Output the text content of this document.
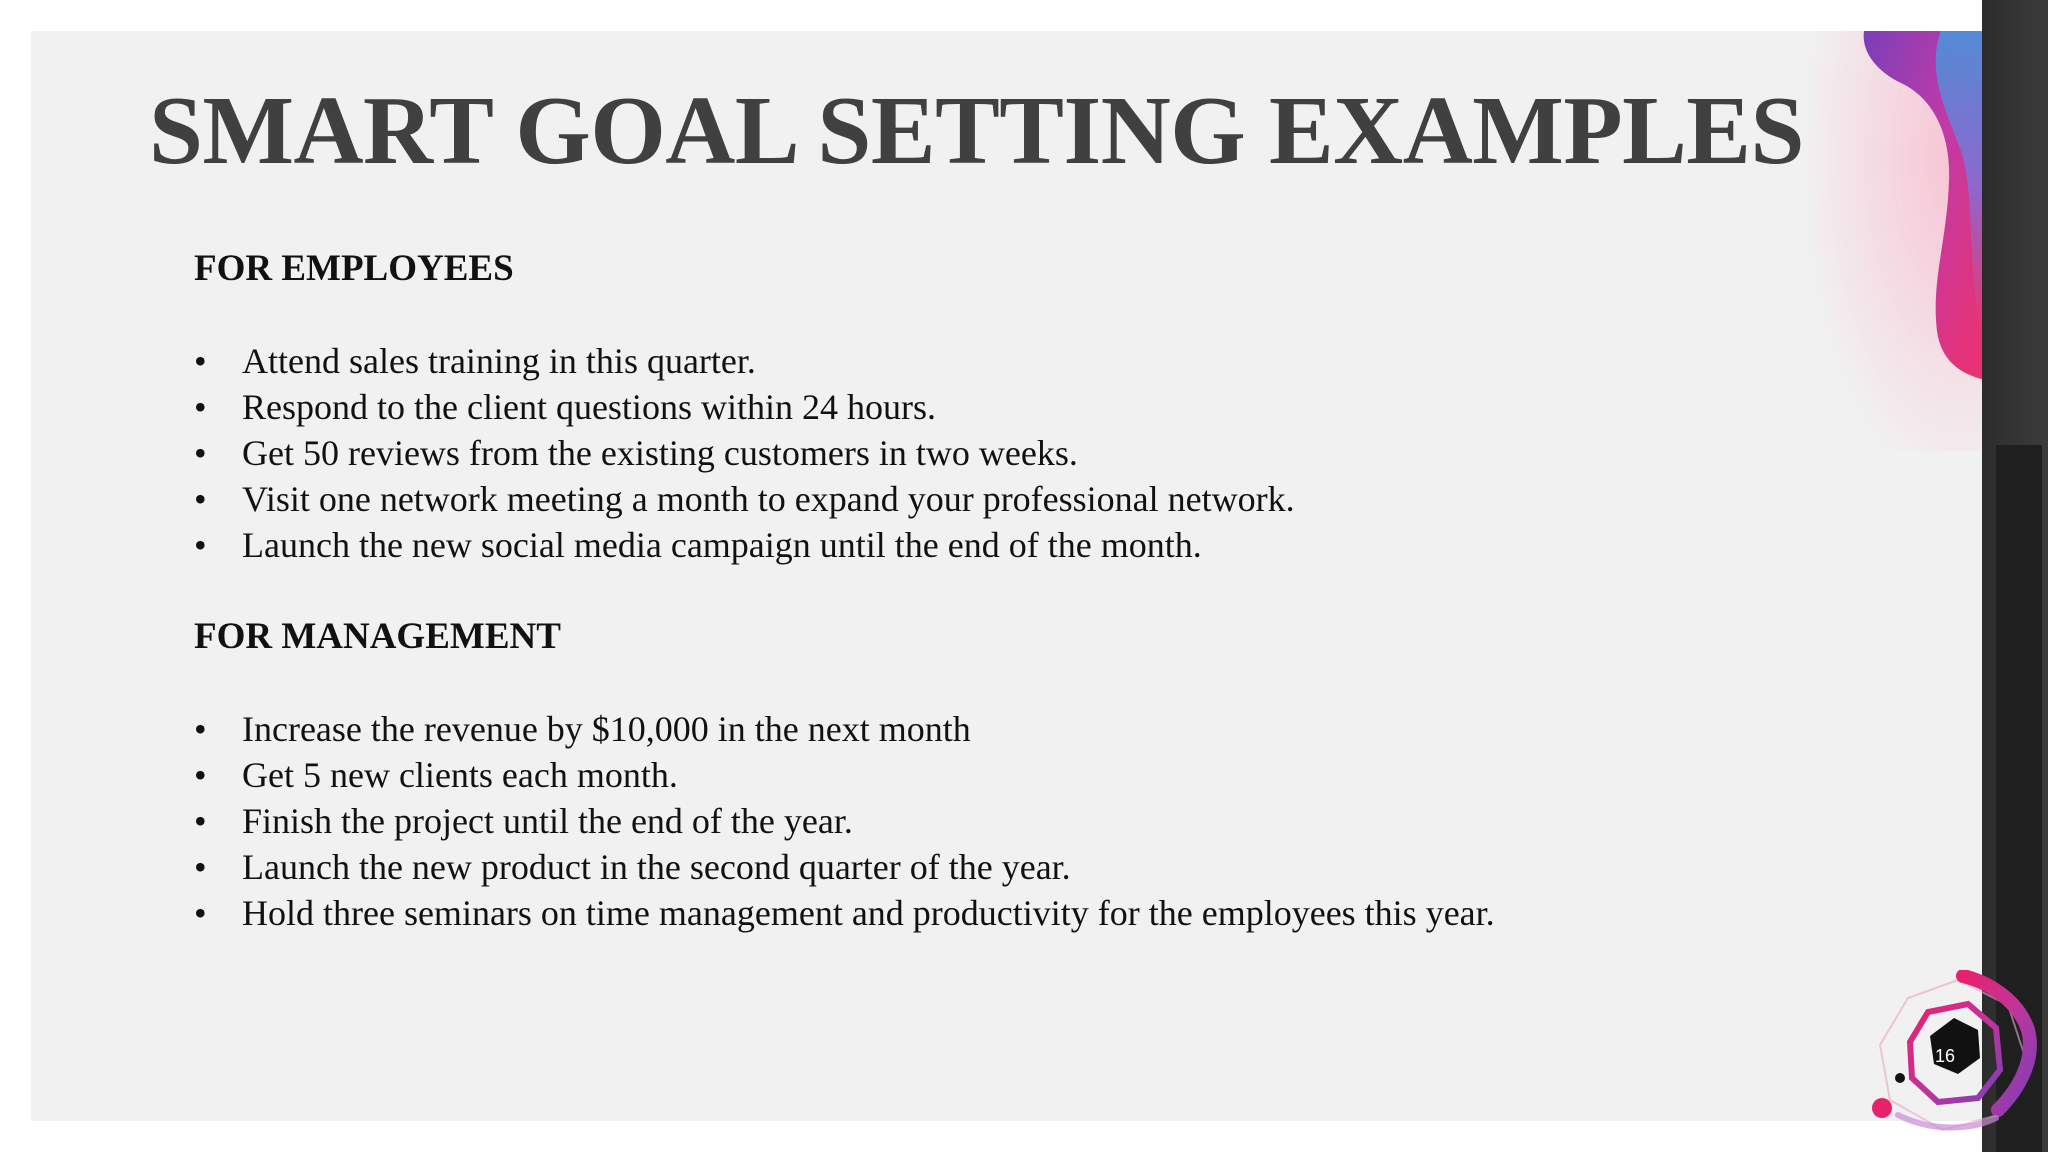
SMART GOAL SETTING EXAMPLES

FOR EMPLOYEES

• Attend sales training in this quarter.
• Respond to the client questions within 24 hours.
• Get 50 reviews from the existing customers in two weeks.
• Visit one network meeting a month to expand your professional network.
• Launch the new social media campaign until the end of the month.

FOR MANAGEMENT

• Increase the revenue by $10,000 in the next month
• Get 5 new clients each month.
• Finish the project until the end of the year.
• Launch the new product in the second quarter of the year.
• Hold three seminars on time management and productivity for the employees this year.
16
